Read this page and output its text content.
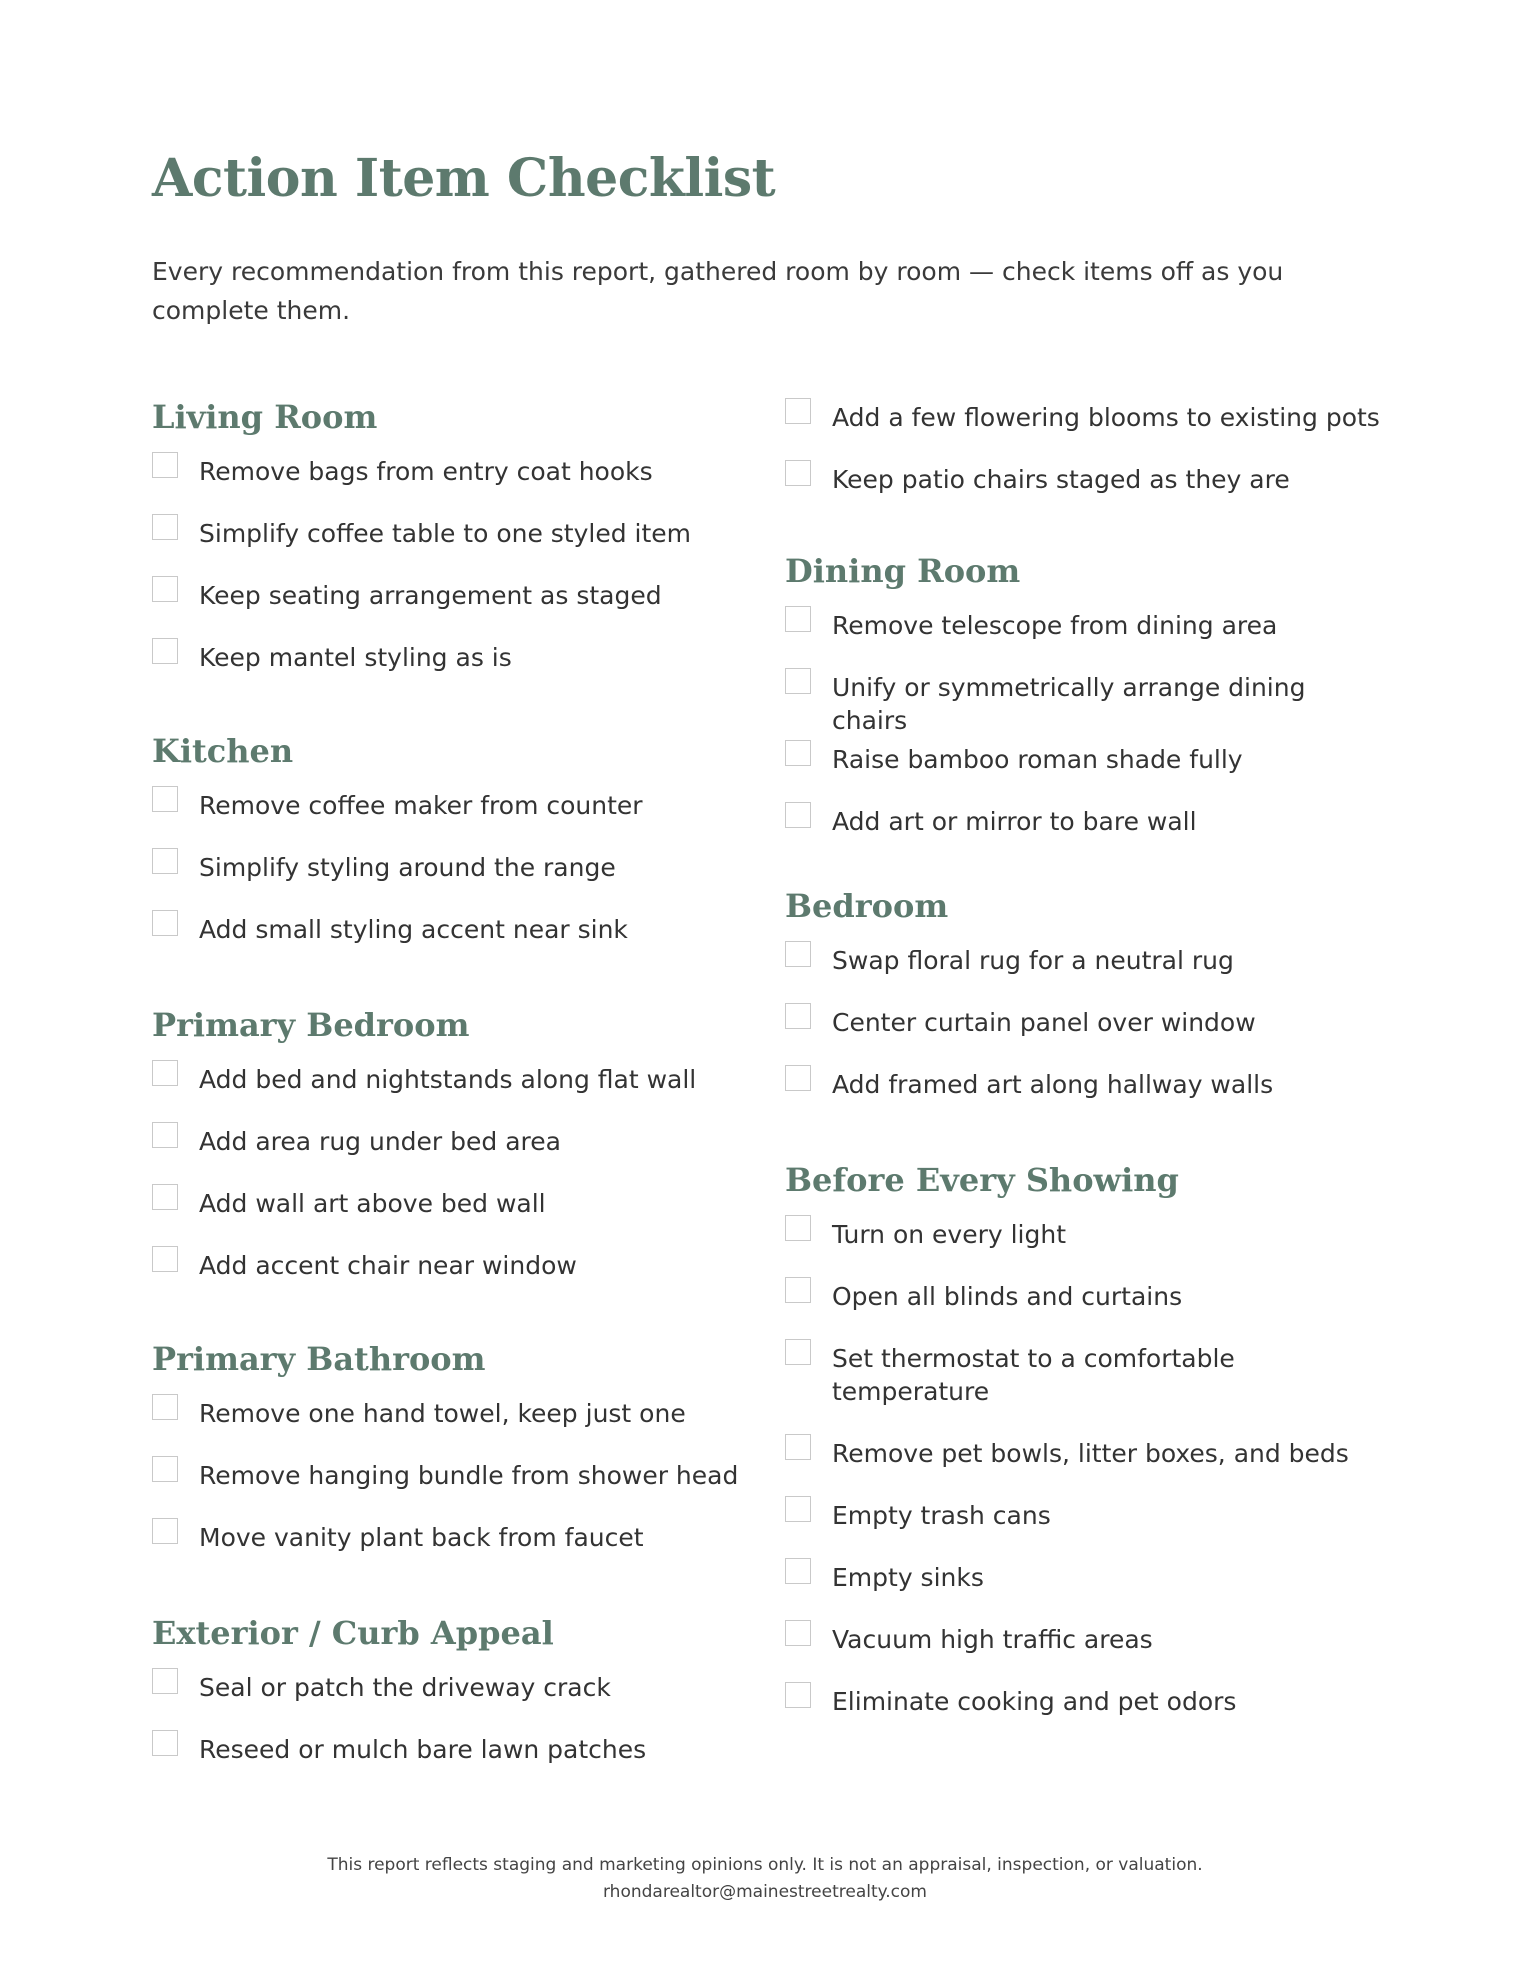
Action Item Checklist

Every recommendation from this report, gathered room by room — check items off as you complete them.

Living Room
Remove bags from entry coat hooks
Simplify coffee table to one styled item
Keep seating arrangement as staged
Keep mantel styling as is
Kitchen
Remove coffee maker from counter
Simplify styling around the range
Add small styling accent near sink
Primary Bedroom
Add bed and nightstands along flat wall
Add area rug under bed area
Add wall art above bed wall
Add accent chair near window
Primary Bathroom
Remove one hand towel, keep just one
Remove hanging bundle from shower head
Move vanity plant back from faucet
Exterior / Curb Appeal
Seal or patch the driveway crack
Reseed or mulch bare lawn patches
Add a few flowering blooms to existing pots
Keep patio chairs staged as they are
Dining Room
Remove telescope from dining area
Unify or symmetrically arrange dining chairs
Raise bamboo roman shade fully
Add art or mirror to bare wall
Bedroom
Swap floral rug for a neutral rug
Center curtain panel over window
Add framed art along hallway walls
Before Every Showing
Turn on every light
Open all blinds and curtains
Set thermostat to a comfortable temperature
Remove pet bowls, litter boxes, and beds
Empty trash cans
Empty sinks
Vacuum high traffic areas
Eliminate cooking and pet odors
This report reflects staging and marketing opinions only. It is not an appraisal, inspection, or valuation.
rhondarealtor@mainestreetrealty.com
